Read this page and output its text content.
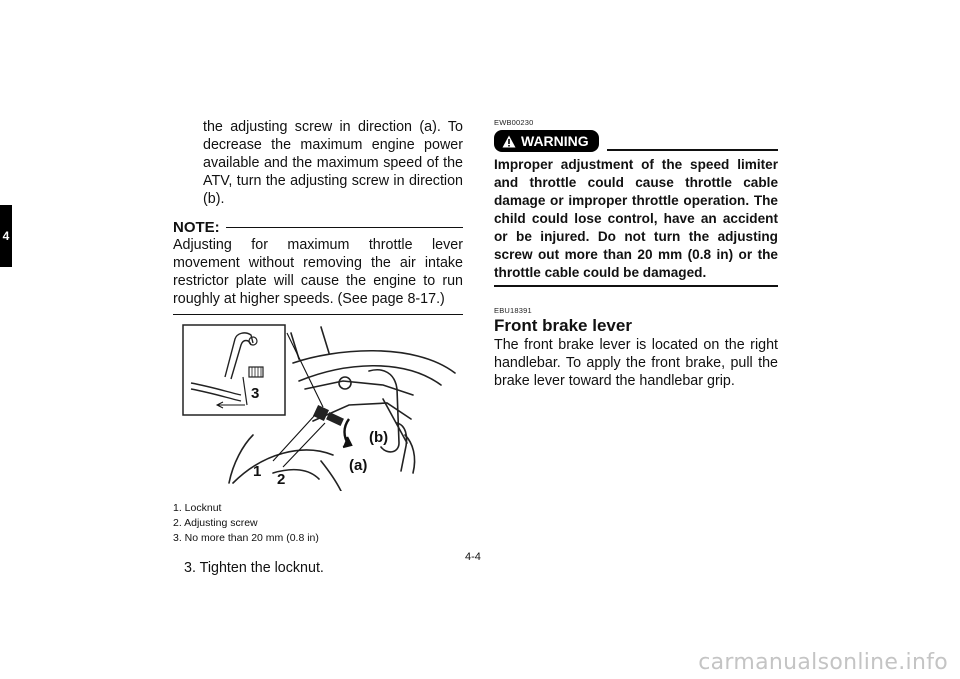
4

the adjusting screw in direction (a). To decrease the maximum engine power available and the maximum speed of the ATV, turn the adjusting screw in direction (b).

NOTE:

Adjusting for maximum throttle lever movement without removing the air intake restrictor plate will cause the engine to run roughly at higher speeds. (See page 8-17.)

3
(b)
(a)
1 2
1. Locknut
2. Adjusting screw
3. No more than 20 mm (0.8 in)
3. Tighten the locknut.
EWB00230
WARNING
Improper adjustment of the speed limiter and throttle could cause throttle cable damage or improper throttle operation. The child could lose control, have an accident or be injured. Do not turn the adjusting screw out more than 20 mm (0.8 in) or the throttle cable could be damaged.
EBU18391
Front brake lever

The front brake lever is located on the right handlebar. To apply the front brake, pull the brake lever toward the handlebar grip.

4-4
carmanualsonline.info
